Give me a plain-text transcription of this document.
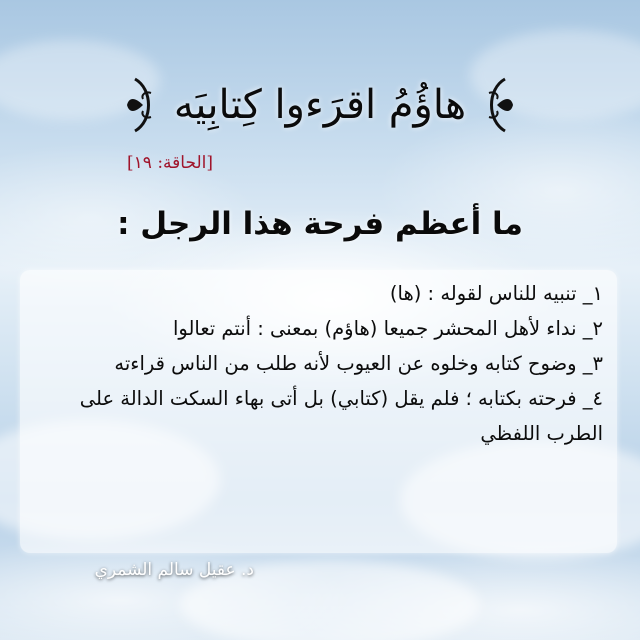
هاؤُمُ اقرَءوا كِتابِيَه
[الحاقة: ١٩]
ما أعظم فرحة هذا الرجل :
١_ تنبيه للناس لقوله : (ها)
٢_ نداء لأهل المحشر جميعا (هاؤم) بمعنى : أنتم تعالوا
٣_ وضوح كتابه وخلوه عن العيوب لأنه طلب من الناس قراءته
٤_ فرحته بكتابه ؛ فلم يقل (كتابي) بل أتى بهاء السكت الدالة على الطرب اللفظي
د. عقيل سالم الشمري
